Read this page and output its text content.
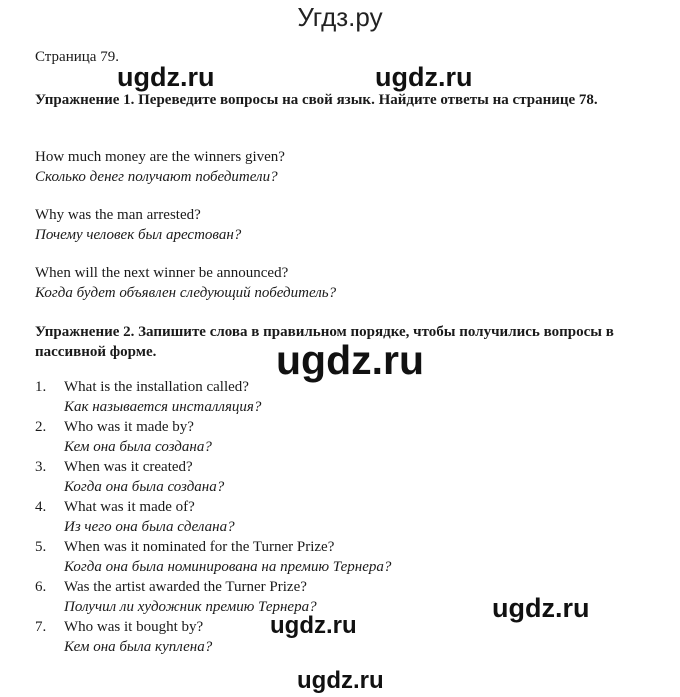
Угдз.ру
Страница 79.
Упражнение 1. Переведите вопросы на свой язык. Найдите ответы на странице 78.
How much money are the winners given?
Сколько денег получают победители?
Why was the man arrested?
Почему человек был арестован?
When will the next winner be announced?
Когда будет объявлен следующий победитель?
Упражнение 2. Запишите слова в правильном порядке, чтобы получились вопросы в пассивной форме.
1. What is the installation called?
Как называется инсталляция?
2. Who was it made by?
Кем она была создана?
3. When was it created?
Когда она была создана?
4. What was it made of?
Из чего она была сделана?
5. When was it nominated for the Turner Prize?
Когда она была номинирована на премию Тернера?
6. Was the artist awarded the Turner Prize?
Получил ли художник премию Тернера?
7. Who was it bought by?
Кем она была куплена?
ugdz.ru	ugdz.ru
ugdz.ru
ugdz.ru
ugdz.ru
ugdz.ru
